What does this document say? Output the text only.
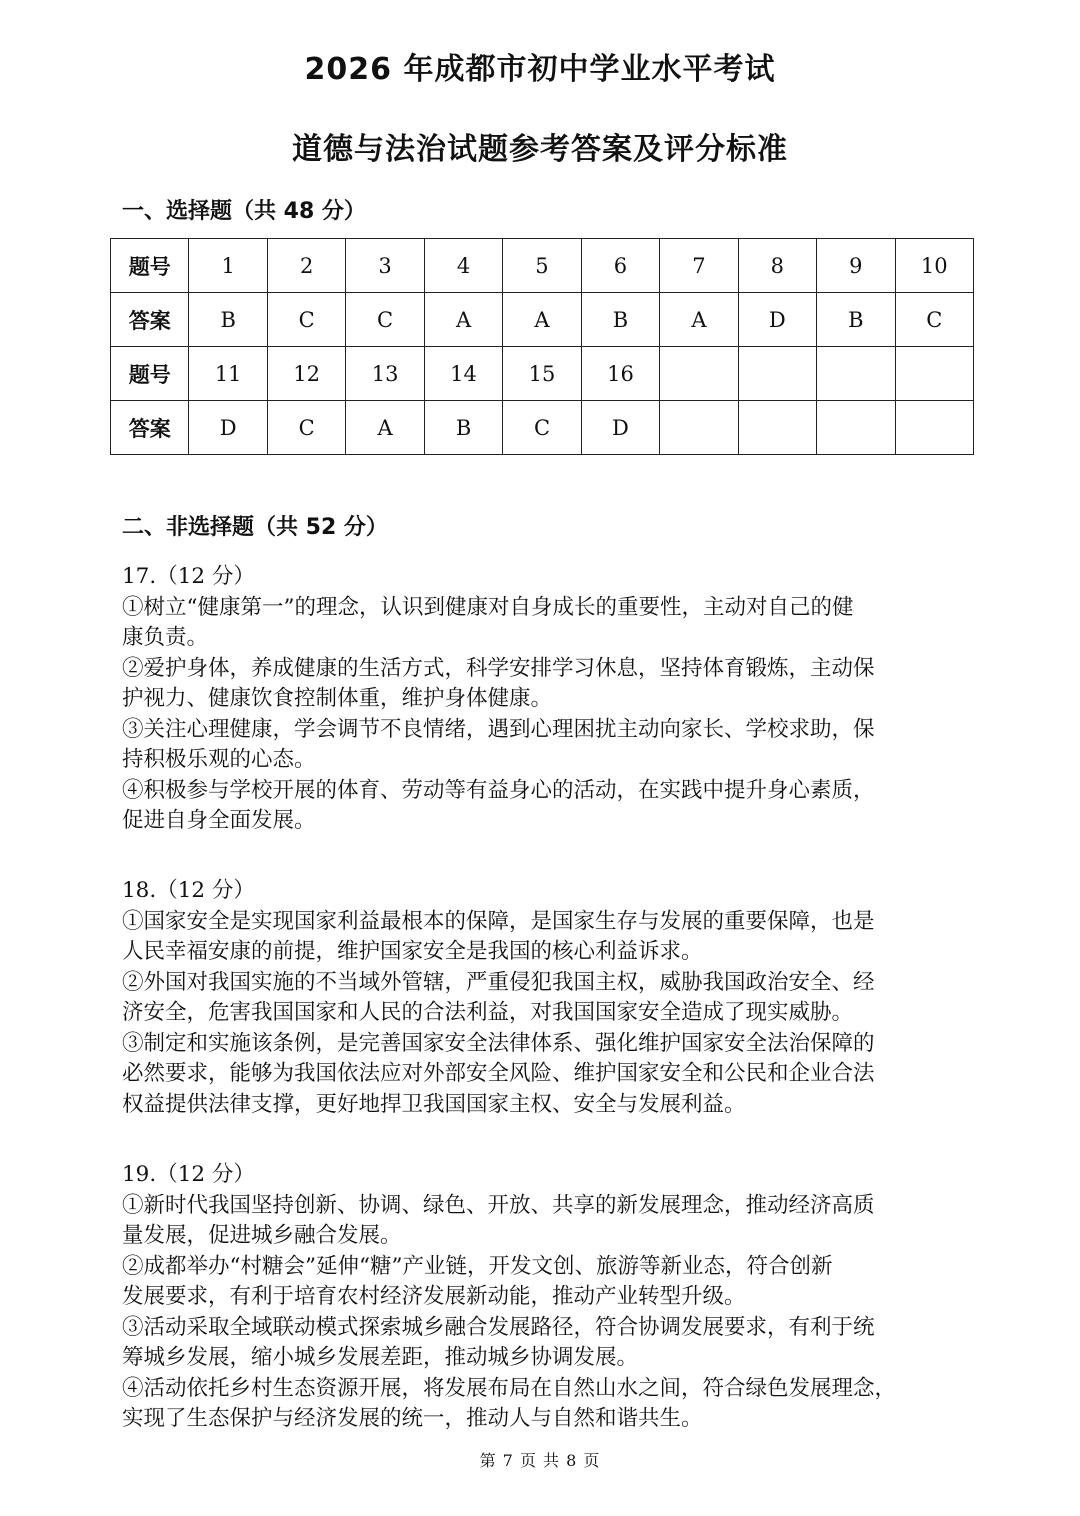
2026 年成都市初中学业水平考试
道德与法治试题参考答案及评分标准
一、选择题（共 48 分）
题号	1	2	3	4	5	6	7	8	9	10
答案	B	C	C	A	A	B	A	D	B	C
题号	11	12	13	14	15	16				
答案	D	C	A	B	C	D				
二、非选择题（共 52 分）

17.（12 分）

①树立“健康第一”的理念，认识到健康对自身成长的重要性，主动对自己的健

康负责。

②爱护身体，养成健康的生活方式，科学安排学习休息，坚持体育锻炼，主动保

护视力、健康饮食控制体重，维护身体健康。

③关注心理健康，学会调节不良情绪，遇到心理困扰主动向家长、学校求助，保

持积极乐观的心态。

④积极参与学校开展的体育、劳动等有益身心的活动，在实践中提升身心素质，

促进自身全面发展。

18.（12 分）

①国家安全是实现国家利益最根本的保障，是国家生存与发展的重要保障，也是

人民幸福安康的前提，维护国家安全是我国的核心利益诉求。

②外国对我国实施的不当域外管辖，严重侵犯我国主权，威胁我国政治安全、经

济安全，危害我国国家和人民的合法利益，对我国国家安全造成了现实威胁。

③制定和实施该条例，是完善国家安全法律体系、强化维护国家安全法治保障的

必然要求，能够为我国依法应对外部安全风险、维护国家安全和公民和企业合法

权益提供法律支撑，更好地捍卫我国国家主权、安全与发展利益。

19.（12 分）

①新时代我国坚持创新、协调、绿色、开放、共享的新发展理念，推动经济高质

量发展，促进城乡融合发展。

②成都举办“村糖会”延伸“糖”产业链，开发文创、旅游等新业态，符合创新

发展要求，有利于培育农村经济发展新动能，推动产业转型升级。

③活动采取全域联动模式探索城乡融合发展路径，符合协调发展要求，有利于统

筹城乡发展，缩小城乡发展差距，推动城乡协调发展。

④活动依托乡村生态资源开展，将发展布局在自然山水之间，符合绿色发展理念，

实现了生态保护与经济发展的统一，推动人与自然和谐共生。

第 7 页 共 8 页
